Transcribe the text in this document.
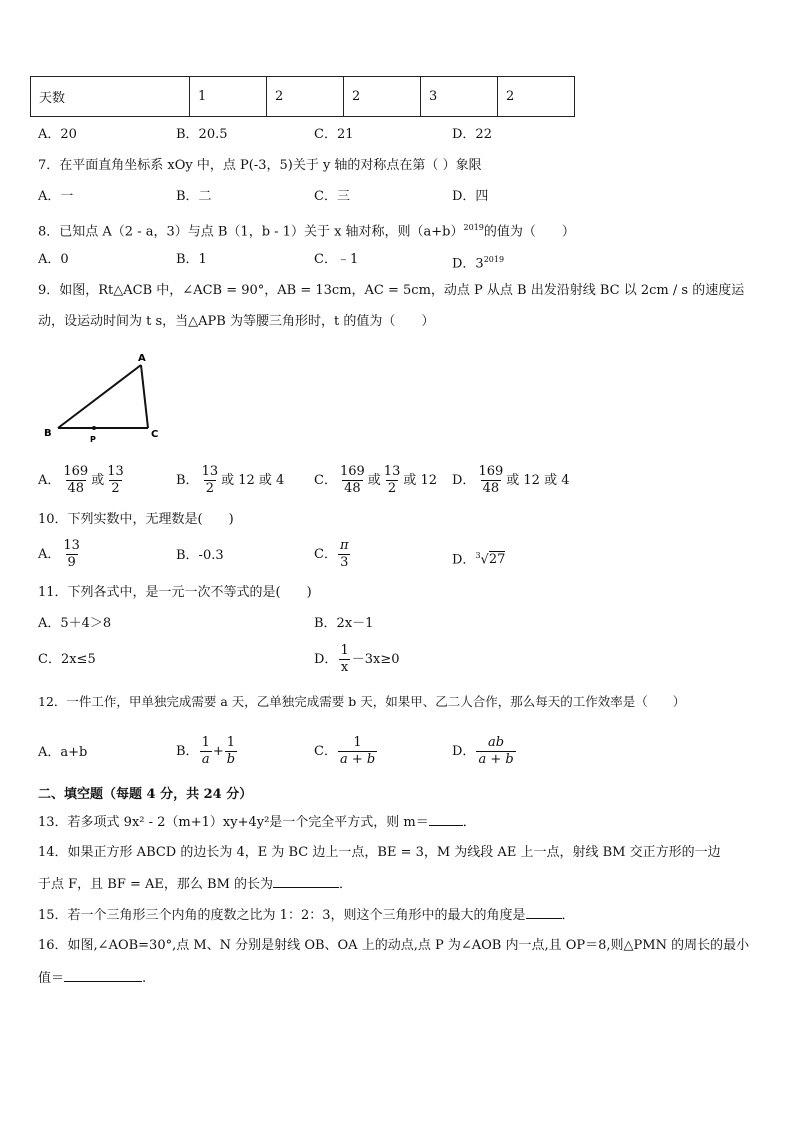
天数	1	2	2	3	2
A．20	B．20.5	C．21	D．22
7．在平面直角坐标系 xOy 中，点 P(-3，5)关于 y 轴的对称点在第（ ）象限
A．一	B．二	C．三	D．四
8．已知点 A（2 - a，3）与点 B（1，b - 1）关于 x 轴对称，则$(a+b)^{2019}$的值为（　　）
A．0	B．1	C．﹣1	D．$3^{2019}$
9．如图，Rt△ACB 中，∠ACB = 90°，AB = 13cm，AC = 5cm，动点 P 从点 B 出发沿射线 BC 以 2cm / s 的速度运
动，设运动时间为 t s，当△APB 为等腰三角形时，t 的值为（　　）
A
B	C
P
A． $\frac{169}{48}$ 或 $\frac{13}{2}$	B． $\frac{13}{2}$ 或 12 或 4 C． $\frac{169}{48}$ 或 $\frac{13}{2}$ 或 12 D． $\frac{169}{48}$ 或 12 或 4
10．下列实数中，无理数是(　　)
A． $\frac{13}{9}$	B．-0.3	C． $\frac{\pi}{3}$	D．$^3$√27
11．下列各式中，是一元一次不等式的是(　　)
A．5＋4＞8	B．2x－1
C．2x≤5	D． $\frac{1}{x} -3x\ge 0$
12．一件工作，甲单独完成需要 a 天，乙单独完成需要 b 天，如果甲、乙二人合作，那么每天的工作效率是（　　）
A．a+b	B． $\frac{1}{a} + \frac{1}{b}$	C． $\frac{1}{a + b}$	D． $\frac{ab}{a + b}$
二、填空题（每题 4 分，共 24 分）
13．若多项式 9x² - 2（m+1）xy+4y²是一个完全平方式，则 m＝	．
14．如果正方形 ABCD 的边长为 4，E 为 BC 边上一点，BE = 3，M 为线段 AE 上一点，射线 BM 交正方形的一边
于点 F，且 BF = AE，那么 BM 的长为	．
15．若一个三角形三个内角的度数之比为 1：2：3，则这个三角形中的最大的角度是	．
16．如图,∠AOB=30°,点 M、N 分别是射线 OB、OA 上的动点,点 P 为∠AOB 内一点,且 OP＝8,则△PMN 的周长的最小
值＝	.
